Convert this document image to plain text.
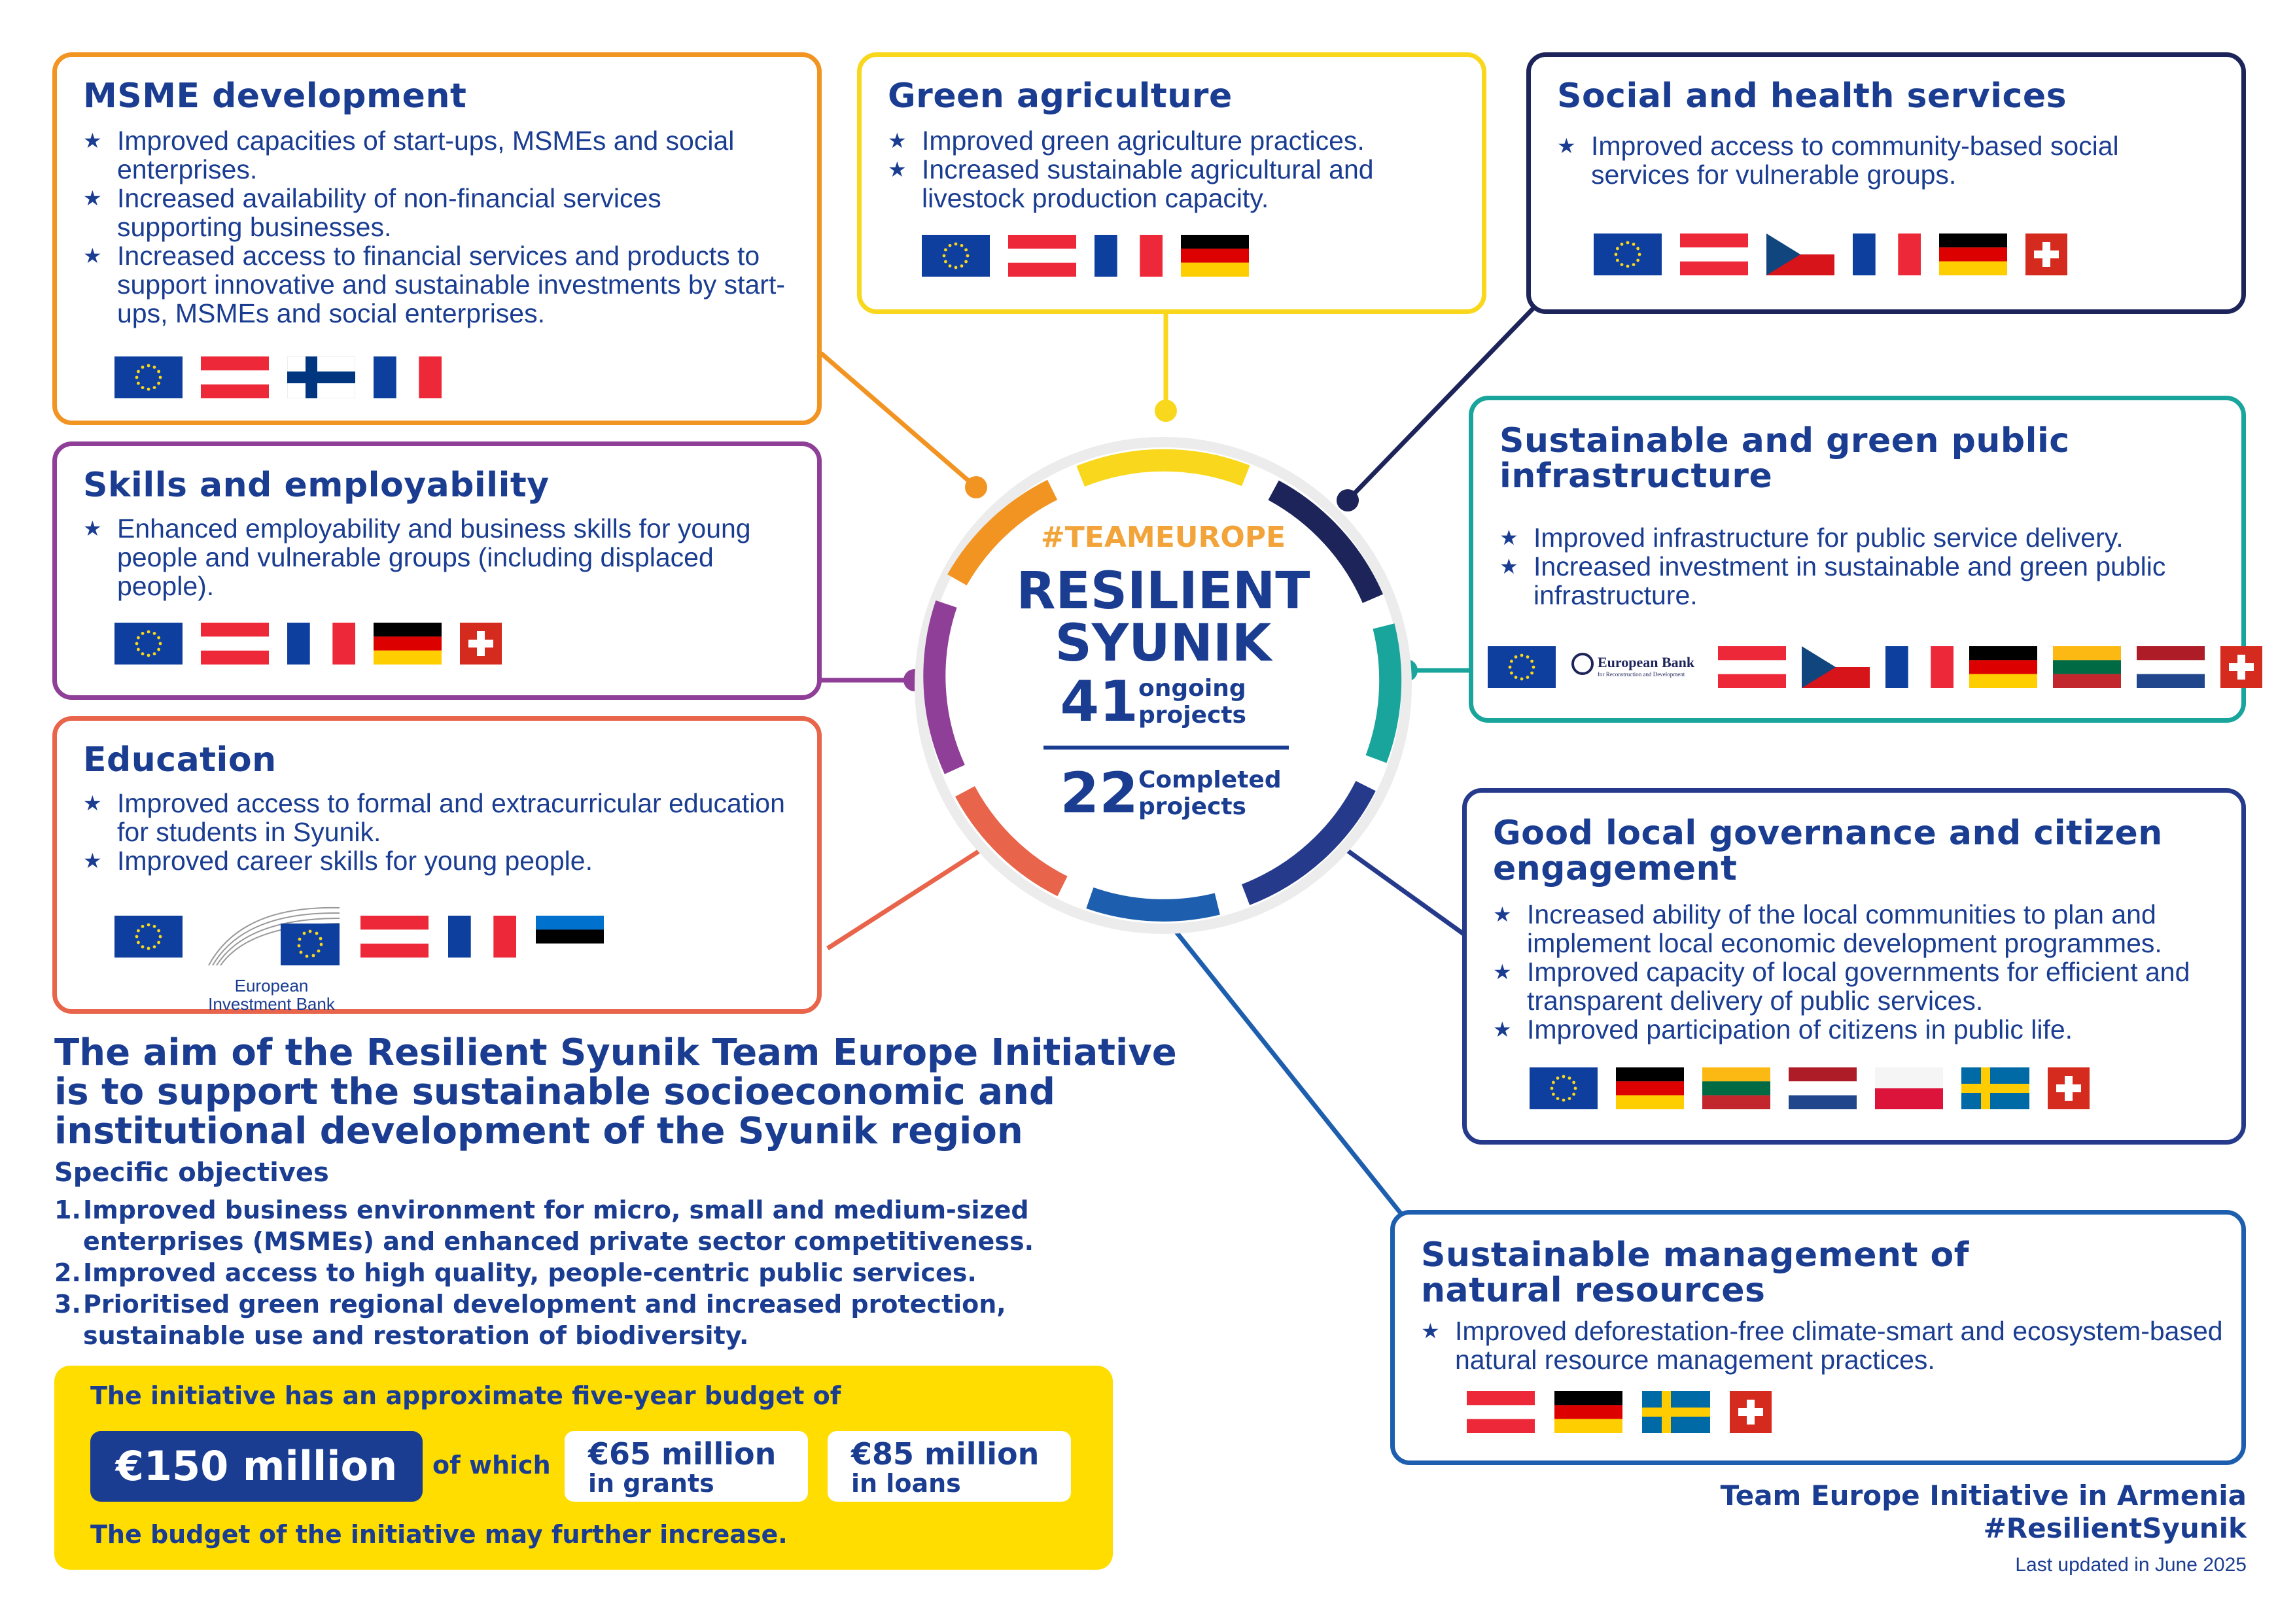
#TEAMEUROPE
RESILIENT
SYUNIK
41 ongoing
projects
22 Completed
projects
MSME development
★ Improved capacities of start-ups, MSMEs and social enterprises.
★ Increased availability of non-financial services supporting businesses.
★ Increased access to financial services and products to support innovative and sustainable investments by start-ups, MSMEs and social enterprises.
Green agriculture
★ Improved green agriculture practices.
★ Increased sustainable agricultural and livestock production capacity.
Social and health services
★ Improved access to community-based social services for vulnerable groups.
Skills and employability
★ Enhanced employability and business skills for young people and vulnerable groups (including displaced people).
Sustainable and green public
infrastructure
★ Improved infrastructure for public service delivery.
★ Increased investment in sustainable and green public infrastructure.
European Bank
for Reconstruction and Development
Education
★ Improved access to formal and extracurricular education for students in Syunik.
★ Improved career skills for young people.
European
Investment Bank
Good local governance and citizen
engagement
★ Increased ability of the local communities to plan and implement local economic development programmes.
★ Improved capacity of local governments for efficient and transparent delivery of public services.
★ Improved participation of citizens in public life.
Sustainable management of
natural resources
★ Improved deforestation-free climate-smart and ecosystem-based natural resource management practices.
The aim of the Resilient Syunik Team Europe Initiative
is to support the sustainable socioeconomic and
institutional development of the Syunik region
Specific objectives
1. Improved business environment for micro, small and medium-sized enterprises (MSMEs) and enhanced private sector competitiveness.
2. Improved access to high quality, people-centric public services.
3. Prioritised green regional development and increased protection, sustainable use and restoration of biodiversity.
The initiative has an approximate five-year budget of
€150 million	of which €65 million
in grants
€85 million
in loans
The budget of the initiative may further increase.
Team Europe Initiative in Armenia
#ResilientSyunik
Last updated in June 2025
